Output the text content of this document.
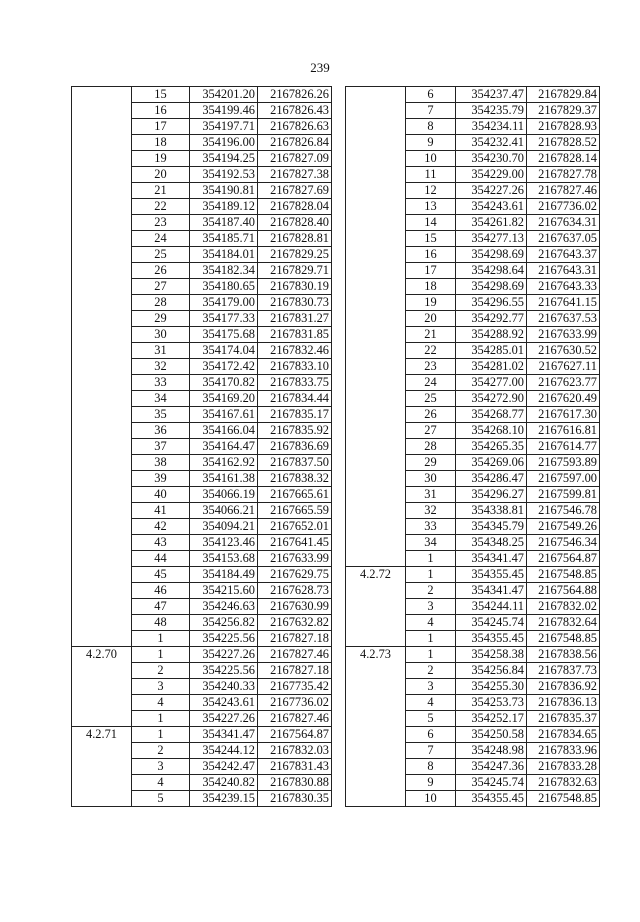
239
	15	354201.20	2167826.26
	16	354199.46	2167826.43
	17	354197.71	2167826.63
	18	354196.00	2167826.84
	19	354194.25	2167827.09
	20	354192.53	2167827.38
	21	354190.81	2167827.69
	22	354189.12	2167828.04
	23	354187.40	2167828.40
	24	354185.71	2167828.81
	25	354184.01	2167829.25
	26	354182.34	2167829.71
	27	354180.65	2167830.19
	28	354179.00	2167830.73
	29	354177.33	2167831.27
	30	354175.68	2167831.85
	31	354174.04	2167832.46
	32	354172.42	2167833.10
	33	354170.82	2167833.75
	34	354169.20	2167834.44
	35	354167.61	2167835.17
	36	354166.04	2167835.92
	37	354164.47	2167836.69
	38	354162.92	2167837.50
	39	354161.38	2167838.32
	40	354066.19	2167665.61
	41	354066.21	2167665.59
	42	354094.21	2167652.01
	43	354123.46	2167641.45
	44	354153.68	2167633.99
	45	354184.49	2167629.75
	46	354215.60	2167628.73
	47	354246.63	2167630.99
	48	354256.82	2167632.82
	1	354225.56	2167827.18
4.2.70	1	354227.26	2167827.46
	2	354225.56	2167827.18
	3	354240.33	2167735.42
	4	354243.61	2167736.02
	1	354227.26	2167827.46
4.2.71	1	354341.47	2167564.87
	2	354244.12	2167832.03
	3	354242.47	2167831.43
	4	354240.82	2167830.88
	5	354239.15	2167830.35
	6	354237.47	2167829.84
	7	354235.79	2167829.37
	8	354234.11	2167828.93
	9	354232.41	2167828.52
	10	354230.70	2167828.14
	11	354229.00	2167827.78
	12	354227.26	2167827.46
	13	354243.61	2167736.02
	14	354261.82	2167634.31
	15	354277.13	2167637.05
	16	354298.69	2167643.37
	17	354298.64	2167643.31
	18	354298.69	2167643.33
	19	354296.55	2167641.15
	20	354292.77	2167637.53
	21	354288.92	2167633.99
	22	354285.01	2167630.52
	23	354281.02	2167627.11
	24	354277.00	2167623.77
	25	354272.90	2167620.49
	26	354268.77	2167617.30
	27	354268.10	2167616.81
	28	354265.35	2167614.77
	29	354269.06	2167593.89
	30	354286.47	2167597.00
	31	354296.27	2167599.81
	32	354338.81	2167546.78
	33	354345.79	2167549.26
	34	354348.25	2167546.34
	1	354341.47	2167564.87
4.2.72	1	354355.45	2167548.85
	2	354341.47	2167564.88
	3	354244.11	2167832.02
	4	354245.74	2167832.64
	1	354355.45	2167548.85
4.2.73	1	354258.38	2167838.56
	2	354256.84	2167837.73
	3	354255.30	2167836.92
	4	354253.73	2167836.13
	5	354252.17	2167835.37
	6	354250.58	2167834.65
	7	354248.98	2167833.96
	8	354247.36	2167833.28
	9	354245.74	2167832.63
	10	354355.45	2167548.85
